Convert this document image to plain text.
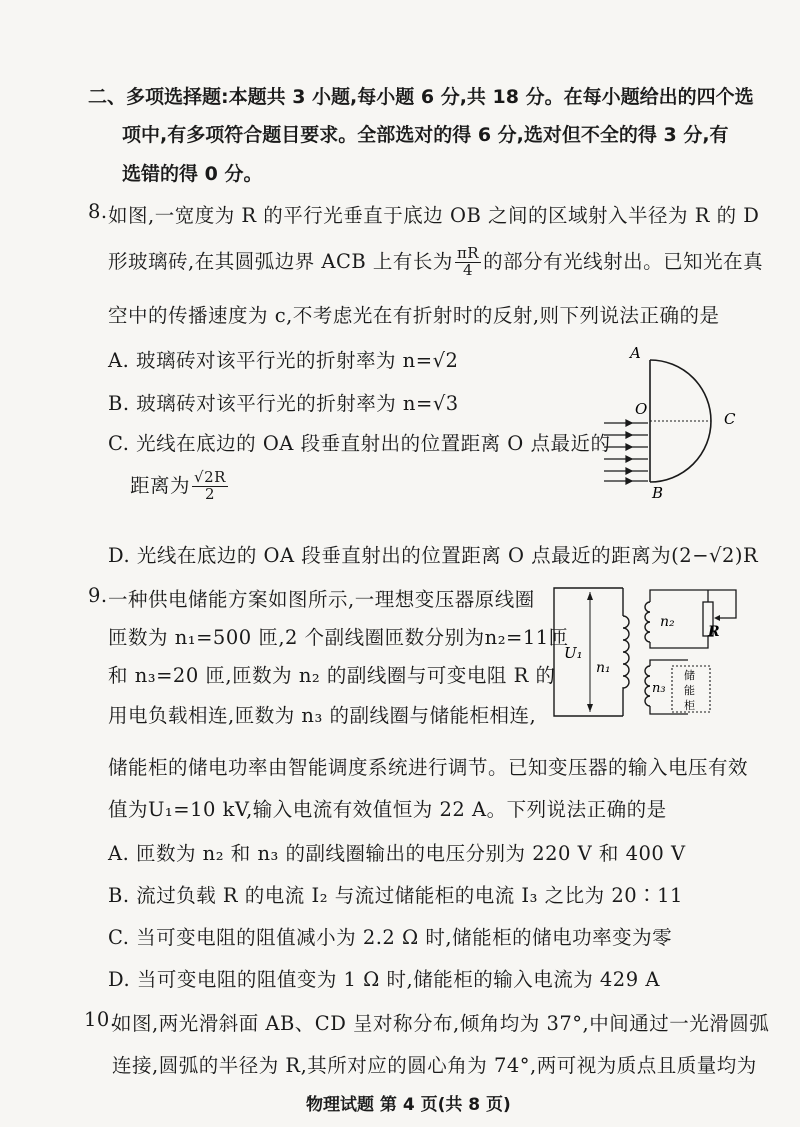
二、多项选择题:本题共 3 小题,每小题 6 分,共 18 分。在每小题给出的四个选
项中,有多项符合题目要求。全部选对的得 6 分,选对但不全的得 3 分,有
选错的得 0 分。
8. 如图,一宽度为 R 的平行光垂直于底边 OB 之间的区域射入半径为 R 的 D
形玻璃砖,在其圆弧边界 ACB 上有长为 $\frac{\pi R}{4}$ 的部分有光线射出。已知光在真
空中的传播速度为 c,不考虑光在有折射时的反射,则下列说法正确的是
A. 玻璃砖对该平行光的折射率为 n=√2
B. 玻璃砖对该平行光的折射率为 n=√3
C. 光线在底边的 OA 段垂直射出的位置距离 O 点最近的
距离为 $\frac{√2R}{2}$
D. 光线在底边的 OA 段垂直射出的位置距离 O 点最近的距离为(2−√2)R
A
O
C
B
9. 一种供电储能方案如图所示,一理想变压器原线圈
匝数为 n₁=500 匝,2 个副线圈匝数分别为n₂=11匝
和 n₃=20 匝,匝数为 n₂ 的副线圈与可变电阻 R 的
用电负载相连,匝数为 n₃ 的副线圈与储能柜相连,
储能柜的储电功率由智能调度系统进行调节。已知变压器的输入电压有效
值为U₁=10 kV,输入电流有效值恒为 22 A。下列说法正确的是
A. 匝数为 n₂ 和 n₃ 的副线圈输出的电压分别为 220 V 和 400 V
B. 流过负载 R 的电流 I₂ 与流过储能柜的电流 I₃ 之比为 20∶11
C. 当可变电阻的阻值减小为 2.2 Ω 时,储能柜的储电功率变为零
D. 当可变电阻的阻值变为 1 Ω 时,储能柜的输入电流为 429 A
U₁
n₁
n₂
R
n₃
储
能
柜
10.
如图,两光滑斜面 AB、CD 呈对称分布,倾角均为 37°,中间通过一光滑圆弧
连接,圆弧的半径为 R,其所对应的圆心角为 74°,两可视为质点且质量均为
物理试题 第 4 页(共 8 页)
